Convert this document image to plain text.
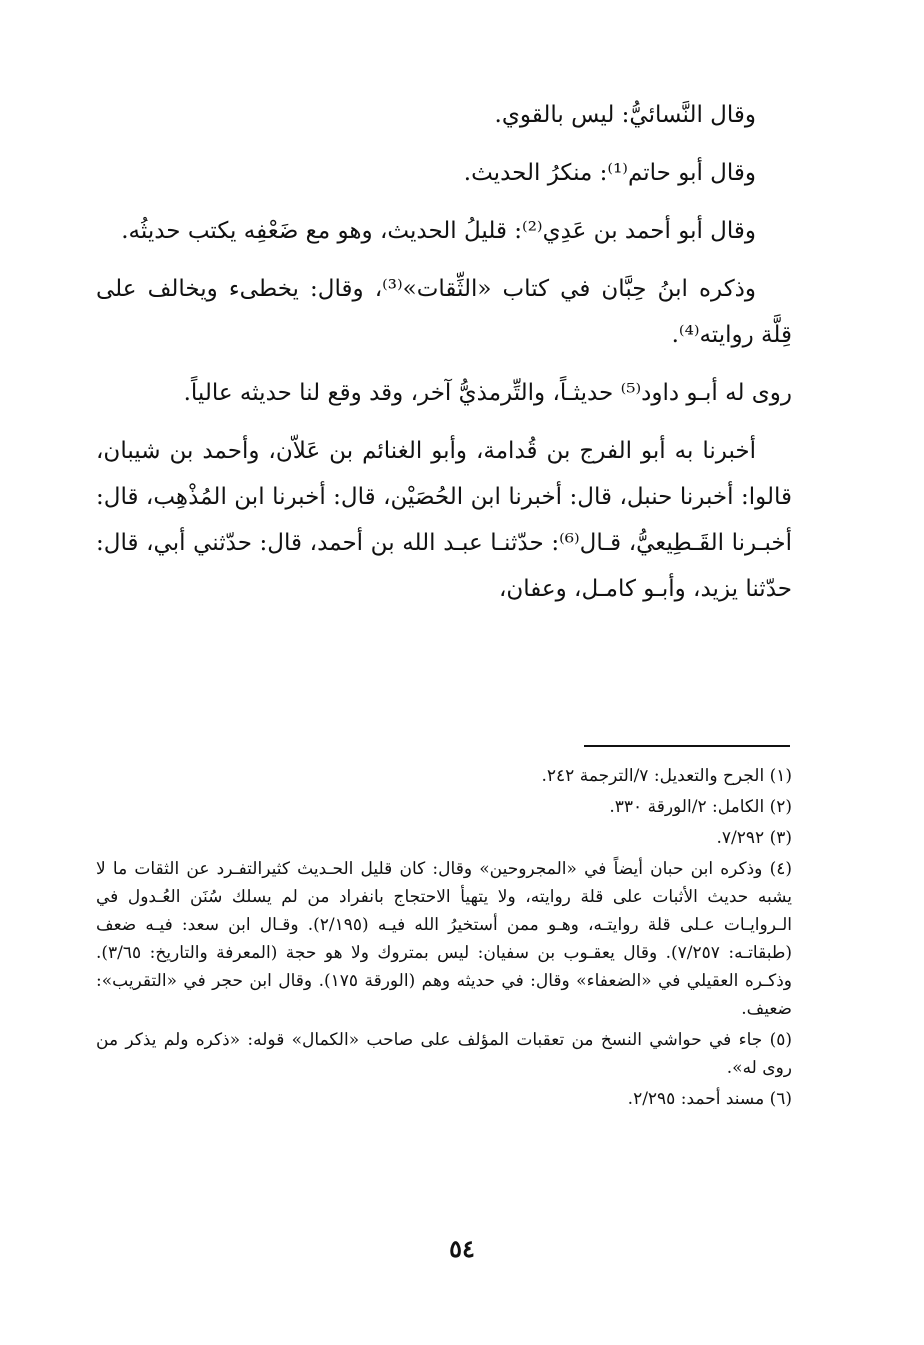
وقال النَّسائيُّ: ليس بالقوي.

وقال أبو حاتم⁽¹⁾: منكرُ الحديث.

وقال أبو أحمد بن عَدِي⁽²⁾: قليلُ الحديث، وهو مع ضَعْفِه يكتب حديثُه.

وذكره ابنُ حِبَّان في كتاب «الثِّقات»⁽³⁾، وقال: يخطىء ويخالف على قِلَّة روايته⁽⁴⁾.

روى له أبـو داود⁽⁵⁾ حديثـاً، والتِّرمذيُّ آخر، وقد وقع لنا حديثه عالياً.

أخبرنا به أبو الفرج بن قُدامة، وأبو الغنائم بن عَلاّن، وأحمد بن شيبان، قالوا: أخبرنا حنبل، قال: أخبرنا ابن الحُصَيْن، قال: أخبرنا ابن المُذْهِب، قال: أخبـرنا القَـطِيعيُّ، قـال⁽⁶⁾: حدّثنـا عبـد الله بن أحمد، قال: حدّثني أبي، قال: حدّثنا يزيد، وأبـو كامـل، وعفان،

(١) الجرح والتعديل: ٧/الترجمة ٢٤٢.

(٢) الكامل: ٢/الورقة ٣٣٠.

(٣) ٧/٢٩٢.

(٤) وذكره ابن حبان أيضاً في «المجروحين» وقال: كان قليل الحـديث كثيرالتفـرد عن الثقات ما لا يشبه حديث الأثبات على قلة روايته، ولا يتهيأ الاحتجاج بانفراد من لم يسلك سُنَن العُـدول في الـروايـات عـلى قلة روايتـه، وهـو ممن أستخيرُ الله فيـه (٢/١٩٥). وقـال ابن سعد: فيـه ضعف (طبقاتـه: ٧/٢٥٧). وقال يعقـوب بن سفيان: ليس بمتروك ولا هو حجة (المعرفة والتاريخ: ٣/٦٥). وذكـره العقيلي في «الضعفاء» وقال: في حديثه وهم (الورقة ١٧٥). وقال ابن حجر في «التقريب»: ضعيف.

(٥) جاء في حواشي النسخ من تعقبات المؤلف على صاحب «الكمال» قوله: «ذكره ولم يذكر من روى له».

(٦) مسند أحمد: ٢/٢٩٥.

٥٤
